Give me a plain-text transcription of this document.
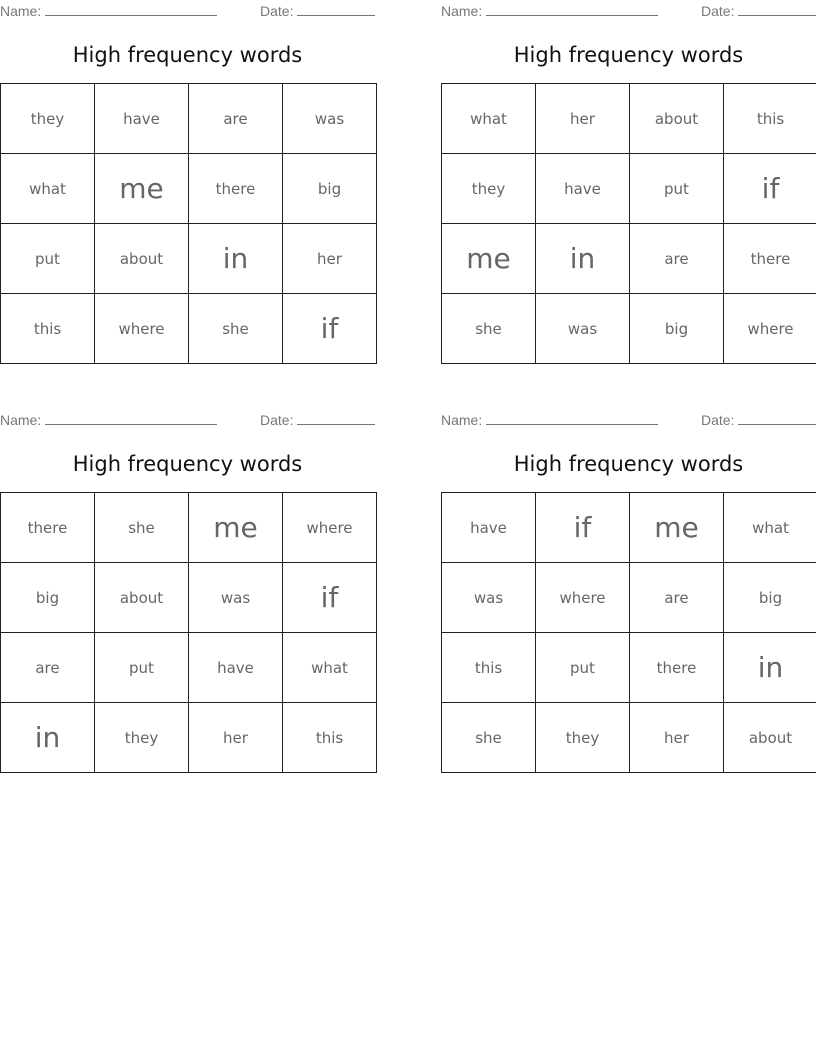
Name:	Date:
High frequency words
they	have	are	was
what	me	there	big
put	about	in	her
this	where	she	if
Name:	Date:
High frequency words
what	her	about	this
they	have	put	if
me	in	are	there
she	was	big	where
Name:	Date:
High frequency words
there	she	me	where
big	about	was	if
are	put	have	what
in	they	her	this
Name:	Date:
High frequency words
have	if	me	what
was	where	are	big
this	put	there	in
she	they	her	about
